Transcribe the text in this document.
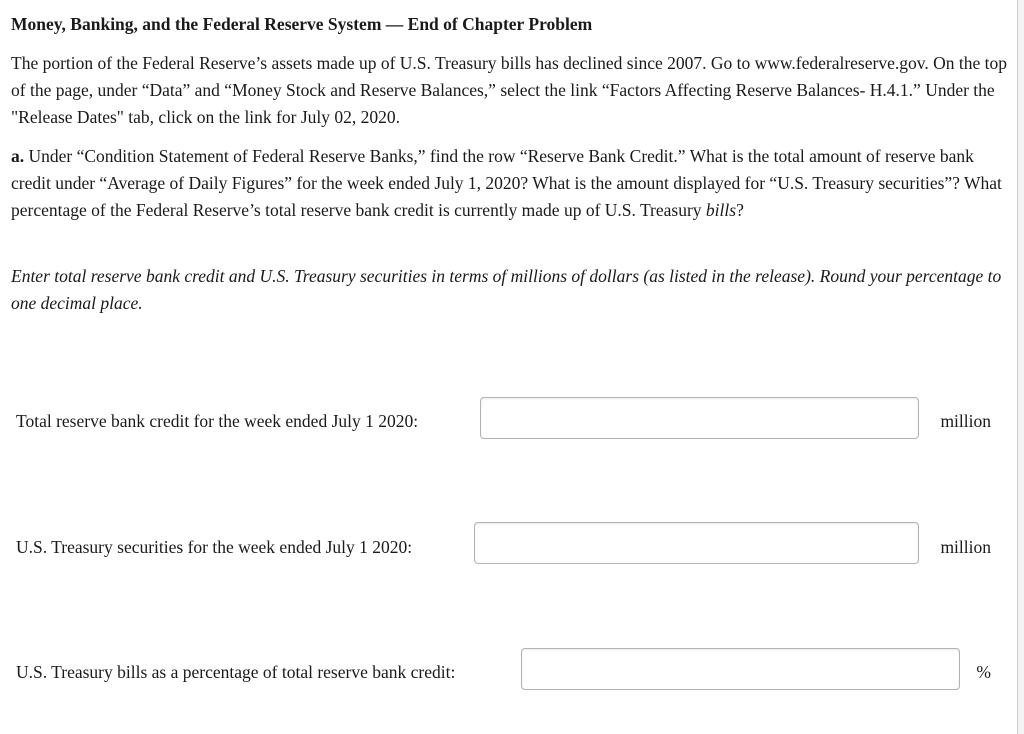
Money, Banking, and the Federal Reserve System — End of Chapter Problem
The portion of the Federal Reserve’s assets made up of U.S. Treasury bills has declined since 2007. Go to www.federalreserve.gov. On the top of the page, under “Data” and “Money Stock and Reserve Balances,” select the link “Factors Affecting Reserve Balances- H.4.1.” Under the "Release Dates" tab, click on the link for July 02, 2020.
a. Under “Condition Statement of Federal Reserve Banks,” find the row “Reserve Bank Credit.” What is the total amount of reserve bank credit under “Average of Daily Figures” for the week ended July 1, 2020? What is the amount displayed for “U.S. Treasury securities”? What percentage of the Federal Reserve’s total reserve bank credit is currently made up of U.S. Treasury bills?
Enter total reserve bank credit and U.S. Treasury securities in terms of millions of dollars (as listed in the release). Round your percentage to one decimal place.
Total reserve bank credit for the week ended July 1 2020:	million
U.S. Treasury securities for the week ended July 1 2020:	million
U.S. Treasury bills as a percentage of total reserve bank credit:	%
